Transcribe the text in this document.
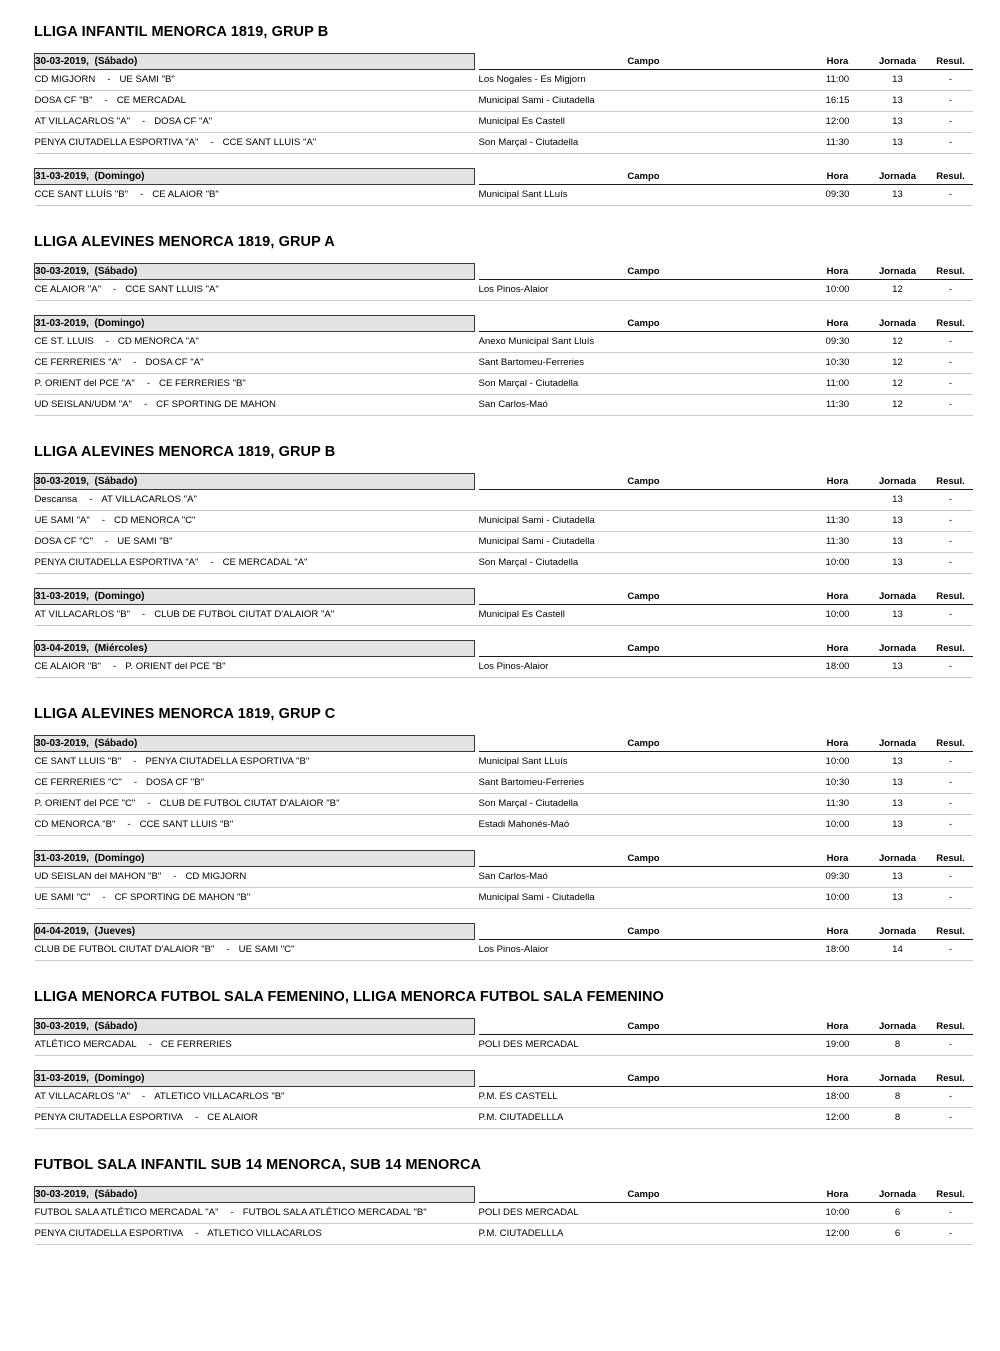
LLIGA INFANTIL MENORCA 1819, GRUP B
30-03-2019, (Sábado)		Campo	Hora	Jornada	Resul.
CD MIGJORN - UE SAMI "B"		Los Nogales - Es Migjorn	11:00	13	-
DOSA CF "B" - CE MERCADAL		Municipal Sami - Ciutadella	16:15	13	-
AT VILLACARLOS "A" - DOSA CF "A"		Municipal Es Castell	12:00	13	-
PENYA CIUTADELLA ESPORTIVA "A" - CCE SANT LLUIS "A"		Son Marçal - Ciutadella	11:30	13	-
31-03-2019, (Domingo)		Campo	Hora	Jornada	Resul.
CCE SANT LLUÍS "B" - CE ALAIOR "B"		Municipal Sant LLuís	09:30	13	-
LLIGA ALEVINES MENORCA 1819, GRUP A
30-03-2019, (Sábado)		Campo	Hora	Jornada	Resul.
CE ALAIOR "A" - CCE SANT LLUIS "A"		Los Pinos-Alaior	10:00	12	-
31-03-2019, (Domingo)		Campo	Hora	Jornada	Resul.
CE ST. LLUIS - CD MENORCA "A"		Anexo Municipal Sant Lluís	09:30	12	-
CE FERRERIES "A" - DOSA CF "A"		Sant Bartomeu-Ferreries	10:30	12	-
P. ORIENT del PCE "A" - CE FERRERIES "B"		Son Marçal - Ciutadella	11:00	12	-
UD SEISLAN/UDM "A" - CF SPORTING DE MAHON		San Carlos-Maó	11:30	12	-
LLIGA ALEVINES MENORCA 1819, GRUP B
30-03-2019, (Sábado)		Campo	Hora	Jornada	Resul.
Descansa - AT VILLACARLOS "A"				13	-
UE SAMI "A" - CD MENORCA "C"		Municipal Sami - Ciutadella	11:30	13	-
DOSA CF "C" - UE SAMI "B"		Municipal Sami - Ciutadella	11:30	13	-
PENYA CIUTADELLA ESPORTIVA "A" - CE MERCADAL "A"		Son Marçal - Ciutadella	10:00	13	-
31-03-2019, (Domingo)		Campo	Hora	Jornada	Resul.
AT VILLACARLOS "B" - CLUB DE FUTBOL CIUTAT D'ALAIOR "A"		Municipal Es Castell	10:00	13	-
03-04-2019, (Miércoles)		Campo	Hora	Jornada	Resul.
CE ALAIOR "B" - P. ORIENT del PCE "B"		Los Pinos-Alaior	18:00	13	-
LLIGA ALEVINES MENORCA 1819, GRUP C
30-03-2019, (Sábado)		Campo	Hora	Jornada	Resul.
CE SANT LLUIS "B" - PENYA CIUTADELLA ESPORTIVA "B"		Municipal Sant LLuís	10:00	13	-
CE FERRERIES "C" - DOSA CF "B"		Sant Bartomeu-Ferreries	10:30	13	-
P. ORIENT del PCE "C" - CLUB DE FUTBOL CIUTAT D'ALAIOR "B"		Son Marçal - Ciutadella	11:30	13	-
CD MENORCA "B" - CCE SANT LLUIS "B"		Estadi Mahonés-Maó	10:00	13	-
31-03-2019, (Domingo)		Campo	Hora	Jornada	Resul.
UD SEISLAN del MAHON "B" - CD MIGJORN		San Carlos-Maó	09:30	13	-
UE SAMI "C" - CF SPORTING DE MAHON "B"		Municipal Sami - Ciutadella	10:00	13	-
04-04-2019, (Jueves)		Campo	Hora	Jornada	Resul.
CLUB DE FUTBOL CIUTAT D'ALAIOR "B" - UE SAMI "C"		Los Pinos-Alaior	18:00	14	-
LLIGA MENORCA FUTBOL SALA FEMENINO, LLIGA MENORCA FUTBOL SALA FEMENINO
30-03-2019, (Sábado)		Campo	Hora	Jornada	Resul.
ATLÉTICO MERCADAL - CE FERRERIES		POLI DES MERCADAL	19:00	8	-
31-03-2019, (Domingo)		Campo	Hora	Jornada	Resul.
AT VILLACARLOS "A" - ATLETICO VILLACARLOS "B"		P.M. ES CASTELL	18:00	8	-
PENYA CIUTADELLA ESPORTIVA - CE ALAIOR		P.M. CIUTADELLLA	12:00	8	-
FUTBOL SALA INFANTIL SUB 14 MENORCA, SUB 14 MENORCA
30-03-2019, (Sábado)		Campo	Hora	Jornada	Resul.
FUTBOL SALA ATLÉTICO MERCADAL "A" - FUTBOL SALA ATLÉTICO MERCADAL "B"		POLI DES MERCADAL	10:00	6	-
PENYA CIUTADELLA ESPORTIVA - ATLETICO VILLACARLOS		P.M. CIUTADELLLA	12:00	6	-
